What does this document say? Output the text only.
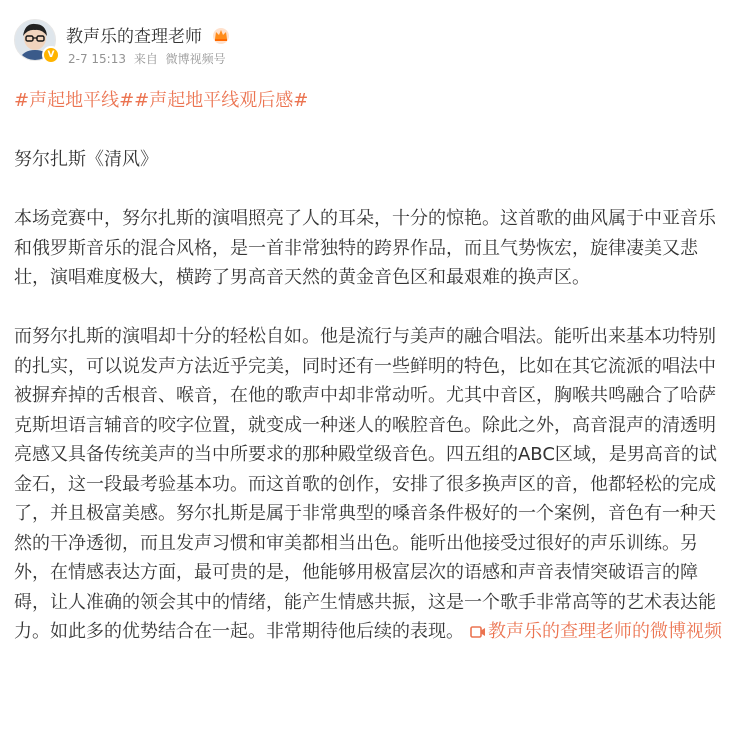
V
教声乐的查理老师
2-7 15:13 来自 微博视频号

#声起地平线##声起地平线观后感#

努尔扎斯《清风》

本场竞赛中，努尔扎斯的演唱照亮了人的耳朵，十分的惊艳。这首歌的曲风属于中亚音乐和俄罗斯音乐的混合风格，是一首非常独特的跨界作品，而且气势恢宏，旋律凄美又悲壮，演唱难度极大，横跨了男高音天然的黄金音色区和最艰难的换声区。

而努尔扎斯的演唱却十分的轻松自如。他是流行与美声的融合唱法。能听出来基本功特别的扎实，可以说发声方法近乎完美，同时还有一些鲜明的特色，比如在其它流派的唱法中被摒弃掉的舌根音、喉音，在他的歌声中却非常动听。尤其中音区，胸喉共鸣融合了哈萨克斯坦语言辅音的咬字位置，就变成一种迷人的喉腔音色。除此之外，高音混声的清透明亮感又具备传统美声的当中所要求的那种殿堂级音色。四五组的ABC区域，是男高音的试金石，这一段最考验基本功。而这首歌的创作，安排了很多换声区的音，他都轻松的完成了，并且极富美感。努尔扎斯是属于非常典型的嗓音条件极好的一个案例，音色有一种天然的干净透彻，而且发声习惯和审美都相当出色。能听出他接受过很好的声乐训练。另外，在情感表达方面，最可贵的是，他能够用极富层次的语感和声音表情突破语言的障碍，让人准确的领会其中的情绪，能产生情感共振，这是一个歌手非常高等的艺术表达能力。如此多的优势结合在一起。非常期待他后续的表现。 教声乐的查理老师的微博视频
